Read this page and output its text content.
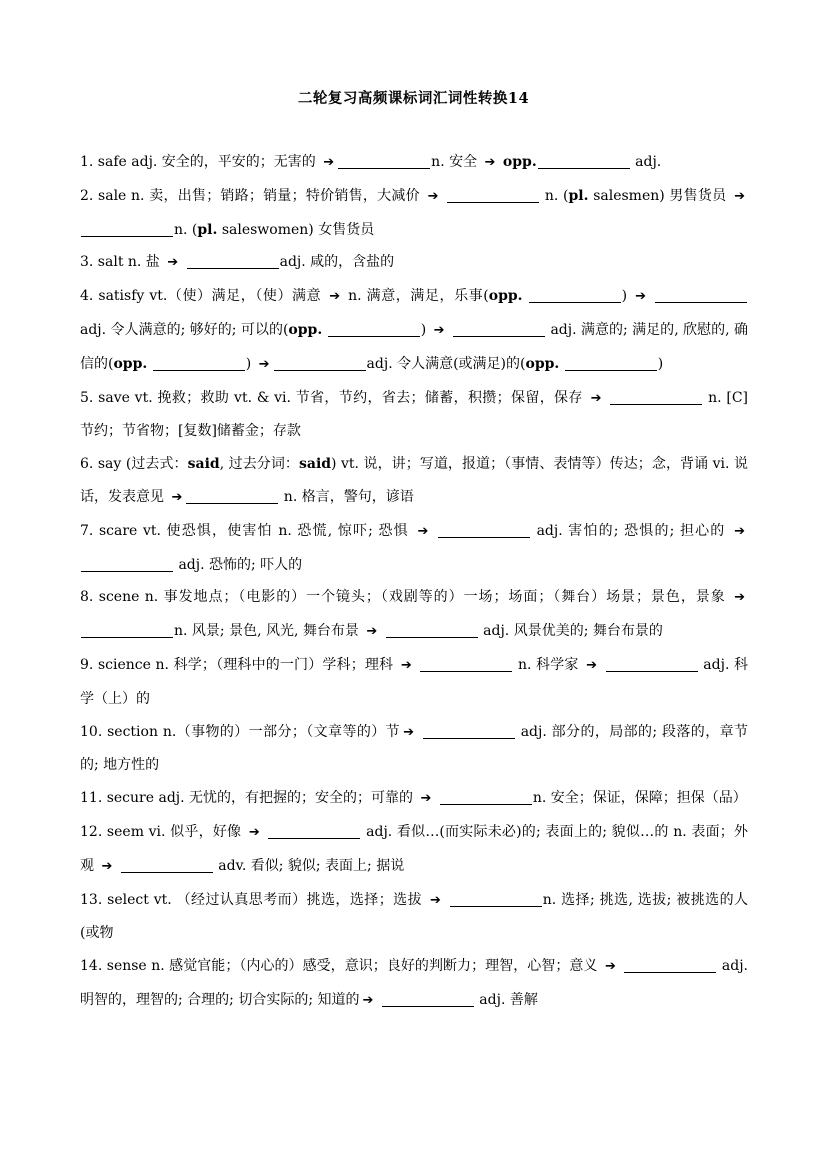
二轮复习高频课标词汇词性转换14
1. safe adj. 安全的，平安的；无害的 ➔	n. 安全 ➔ opp.	adj.
2. sale n. 卖，出售；销路；销量；特价销售，大减价 ➔	n. (pl. salesmen) 男售货员 ➔n. (pl. saleswomen) 女售货员
3. salt n. 盐 ➔	adj. 咸的，含盐的
4. satisfy vt.（使）满足，（使）满意 ➔ n. 满意，满足，乐事(opp.	) ➔  adj. 令人满意的; 够好的; 可以的(opp.	) ➔	adj. 满意的; 满足的, 欣慰的, 确信的(opp.	) ➔	adj. 令人满意(或满足)的(opp.	)
5. save vt. 挽救；救助 vt. & vi. 节省，节约，省去；储蓄，积攒；保留，保存 ➔	n. [C] 节约；节省物；[复数]储蓄金；存款
6. say (过去式：said, 过去分词：said) vt. 说，讲；写道，报道；（事情、表情等）传达；念，背诵 vi. 说话，发表意见 ➔	n. 格言，警句，谚语
7. scare vt. 使恐惧，使害怕 n. 恐慌, 惊吓; 恐惧 ➔	adj. 害怕的; 恐惧的; 担心的 ➔  adj. 恐怖的; 吓人的
8. scene n. 事发地点；（电影的）一个镜头；（戏剧等的）一场；场面；（舞台）场景；景色，景象 ➔ n. 风景; 景色, 风光, 舞台布景 ➔	adj. 风景优美的; 舞台布景的
9. science n. 科学；（理科中的一门）学科；理科 ➔	n. 科学家 ➔	adj. 科学（上）的
10. section n.（事物的）一部分；（文章等的）节 ➔	adj. 部分的，局部的; 段落的，章节的; 地方性的
11. secure adj. 无忧的，有把握的；安全的；可靠的 ➔	n. 安全；保证，保障；担保（品）
12. seem vi. 似乎，好像 ➔	adj. 看似…(而实际未必)的; 表面上的; 貌似…的 n. 表面；外观 ➔	adv. 看似; 貌似; 表面上; 据说
13. select vt. （经过认真思考而）挑选，选择；选拔 ➔	n. 选择; 挑选, 选拔; 被挑选的人(或物
14. sense n. 感觉官能；（内心的）感受，意识；良好的判断力；理智，心智；意义 ➔	adj. 明智的，理智的; 合理的; 切合实际的; 知道的 ➔	adj. 善解
